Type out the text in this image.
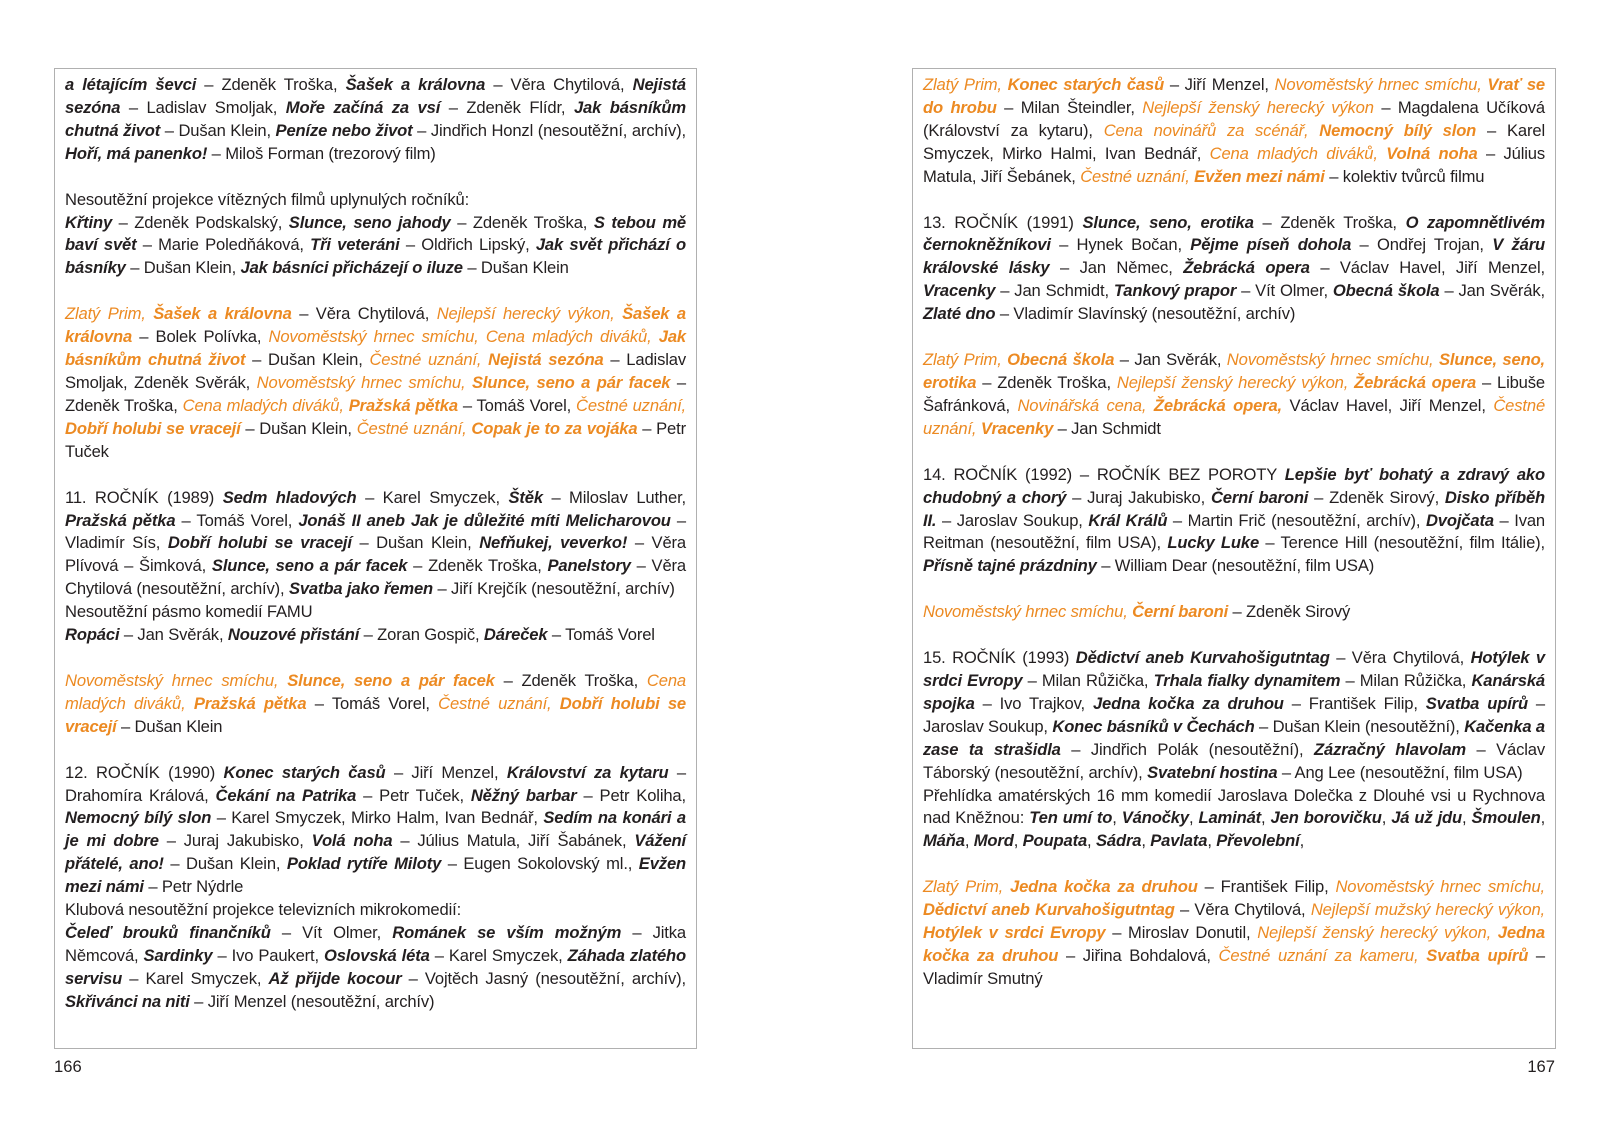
a létajícím ševci – Zdeněk Troška, Šašek a královna – Věra Chytilová, Nejistá sezóna – Ladislav Smoljak, Moře začíná za vsí – Zdeněk Flídr, Jak básníkům chutná život – Dušan Klein, Peníze nebo život – Jindřich Honzl (nesoutěžní, archív), Hoří, má panenko! – Miloš Forman (trezorový film)

Nesoutěžní projekce vítězných filmů uplynulých ročníků:

Křtiny – Zdeněk Podskalský, Slunce, seno jahody – Zdeněk Troška, S tebou mě baví svět – Marie Poledňáková, Tři veteráni – Oldřich Lipský, Jak svět přichází o básníky – Dušan Klein, Jak básníci přicházejí o iluze – Dušan Klein

Zlatý Prim, Šašek a královna – Věra Chytilová, Nejlepší herecký výkon, Šašek a královna – Bolek Polívka, Novoměstský hrnec smíchu, Cena mladých diváků, Jak básníkům chutná život – Dušan Klein, Čestné uznání, Nejistá sezóna – Ladislav Smoljak, Zdeněk Svěrák, Novoměstský hrnec smíchu, Slunce, seno a pár facek – Zdeněk Troška, Cena mladých diváků, Pražská pětka – Tomáš Vorel, Čestné uznání, Dobří holubi se vracejí – Dušan Klein, Čestné uznání, Copak je to za vojáka – Petr Tuček

11. ROČNÍK (1989) Sedm hladových – Karel Smyczek, Štěk – Miloslav Luther, Pražská pětka – Tomáš Vorel, Jonáš II aneb Jak je důležité míti Melicharovou – Vladimír Sís, Dobří holubi se vracejí – Dušan Klein, Nefňukej, veverko! – Věra Plívová – Šimková, Slunce, seno a pár facek – Zdeněk Troška, Panelstory – Věra Chytilová (nesoutěžní, archív), Svatba jako řemen – Jiří Krejčík (nesoutěžní, archív)

Nesoutěžní pásmo komedií FAMU

Ropáci – Jan Svěrák, Nouzové přistání – Zoran Gospič, Dáreček – Tomáš Vorel

Novoměstský hrnec smíchu, Slunce, seno a pár facek – Zdeněk Troška, Cena mladých diváků, Pražská pětka – Tomáš Vorel, Čestné uznání, Dobří holubi se vracejí – Dušan Klein

12. ROČNÍK (1990) Konec starých časů – Jiří Menzel, Království za kytaru – Drahomíra Králová, Čekání na Patrika – Petr Tuček, Něžný barbar – Petr Koliha, Nemocný bílý slon – Karel Smyczek, Mirko Halm, Ivan Bednář, Sedím na konári a je mi dobre – Juraj Jakubisko, Volá noha – Július Matula, Jiří Šabánek, Vážení přátelé, ano! – Dušan Klein, Poklad rytíře Miloty – Eugen Sokolovský ml., Evžen mezi námi – Petr Nýdrle

Klubová nesoutěžní projekce televizních mikrokomedií:

Čeleď brouků finančníků – Vít Olmer, Románek se vším možným – Jitka Němcová, Sardinky – Ivo Paukert, Oslovská léta – Karel Smyczek, Záhada zlatého servisu – Karel Smyczek, Až přijde kocour – Vojtěch Jasný (nesoutěžní, archív), Skřivánci na niti – Jiří Menzel (nesoutěžní, archív)

166

Zlatý Prim, Konec starých časů – Jiří Menzel, Novoměstský hrnec smíchu, Vrať se do hrobu – Milan Šteindler, Nejlepší ženský herecký výkon – Magdalena Učíková (Království za kytaru), Cena novinářů za scénář, Nemocný bílý slon – Karel Smyczek, Mirko Halmi, Ivan Bednář, Cena mladých diváků, Volná noha – Július Matula, Jiří Šebánek, Čestné uznání, Evžen mezi námi – kolektiv tvůrců filmu

13. ROČNÍK (1991) Slunce, seno, erotika – Zdeněk Troška, O zapomnětlivém černokněžníkovi – Hynek Bočan, Pějme píseň dohola – Ondřej Trojan, V žáru královské lásky – Jan Němec, Žebrácká opera – Václav Havel, Jiří Menzel, Vracenky – Jan Schmidt, Tankový prapor – Vít Olmer, Obecná škola – Jan Svěrák, Zlaté dno – Vladimír Slavínský (nesoutěžní, archív)

Zlatý Prim, Obecná škola – Jan Svěrák, Novoměstský hrnec smíchu, Slunce, seno, erotika – Zdeněk Troška, Nejlepší ženský herecký výkon, Žebrácká opera – Libuše Šafránková, Novinářská cena, Žebrácká opera, Václav Havel, Jiří Menzel, Čestné uznání, Vracenky – Jan Schmidt

14. ROČNÍK (1992) – ROČNÍK BEZ POROTY Lepšie byť bohatý a zdravý ako chudobný a chorý – Juraj Jakubisko, Černí baroni – Zdeněk Sirový, Disko příběh II. – Jaroslav Soukup, Král Králů – Martin Frič (nesoutěžní, archív), Dvojčata – Ivan Reitman (nesoutěžní, film USA), Lucky Luke – Terence Hill (nesoutěžní, film Itálie), Přísně tajné prázdniny – William Dear (nesoutěžní, film USA)

Novoměstský hrnec smíchu, Černí baroni – Zdeněk Sirový

15. ROČNÍK (1993) Dědictví aneb Kurvahošigutntag – Věra Chytilová, Hotýlek v srdci Evropy – Milan Růžička, Trhala fialky dynamitem – Milan Růžička, Kanárská spojka – Ivo Trajkov, Jedna kočka za druhou – František Filip, Svatba upírů – Jaroslav Soukup, Konec básníků v Čechách – Dušan Klein (nesoutěžní), Kačenka a zase ta strašidla – Jindřich Polák (nesoutěžní), Zázračný hlavolam – Václav Táborský (nesoutěžní, archív), Svatební hostina – Ang Lee (nesoutěžní, film USA)

Přehlídka amatérských 16 mm komedií Jaroslava Dolečka z Dlouhé vsi u Rychnova nad Kněžnou: Ten umí to, Vánočky, Laminát, Jen borovičku, Já už jdu, Šmoulen, Máňa, Mord, Poupata, Sádra, Pavlata, Převolební,

Zlatý Prim, Jedna kočka za druhou – František Filip, Novoměstský hrnec smíchu, Dědictví aneb Kurvahošigutntag – Věra Chytilová, Nejlepší mužský herecký výkon, Hotýlek v srdci Evropy – Miroslav Donutil, Nejlepší ženský herecký výkon, Jedna kočka za druhou – Jiřina Bohdalová, Čestné uznání za kameru, Svatba upírů – Vladimír Smutný

167
